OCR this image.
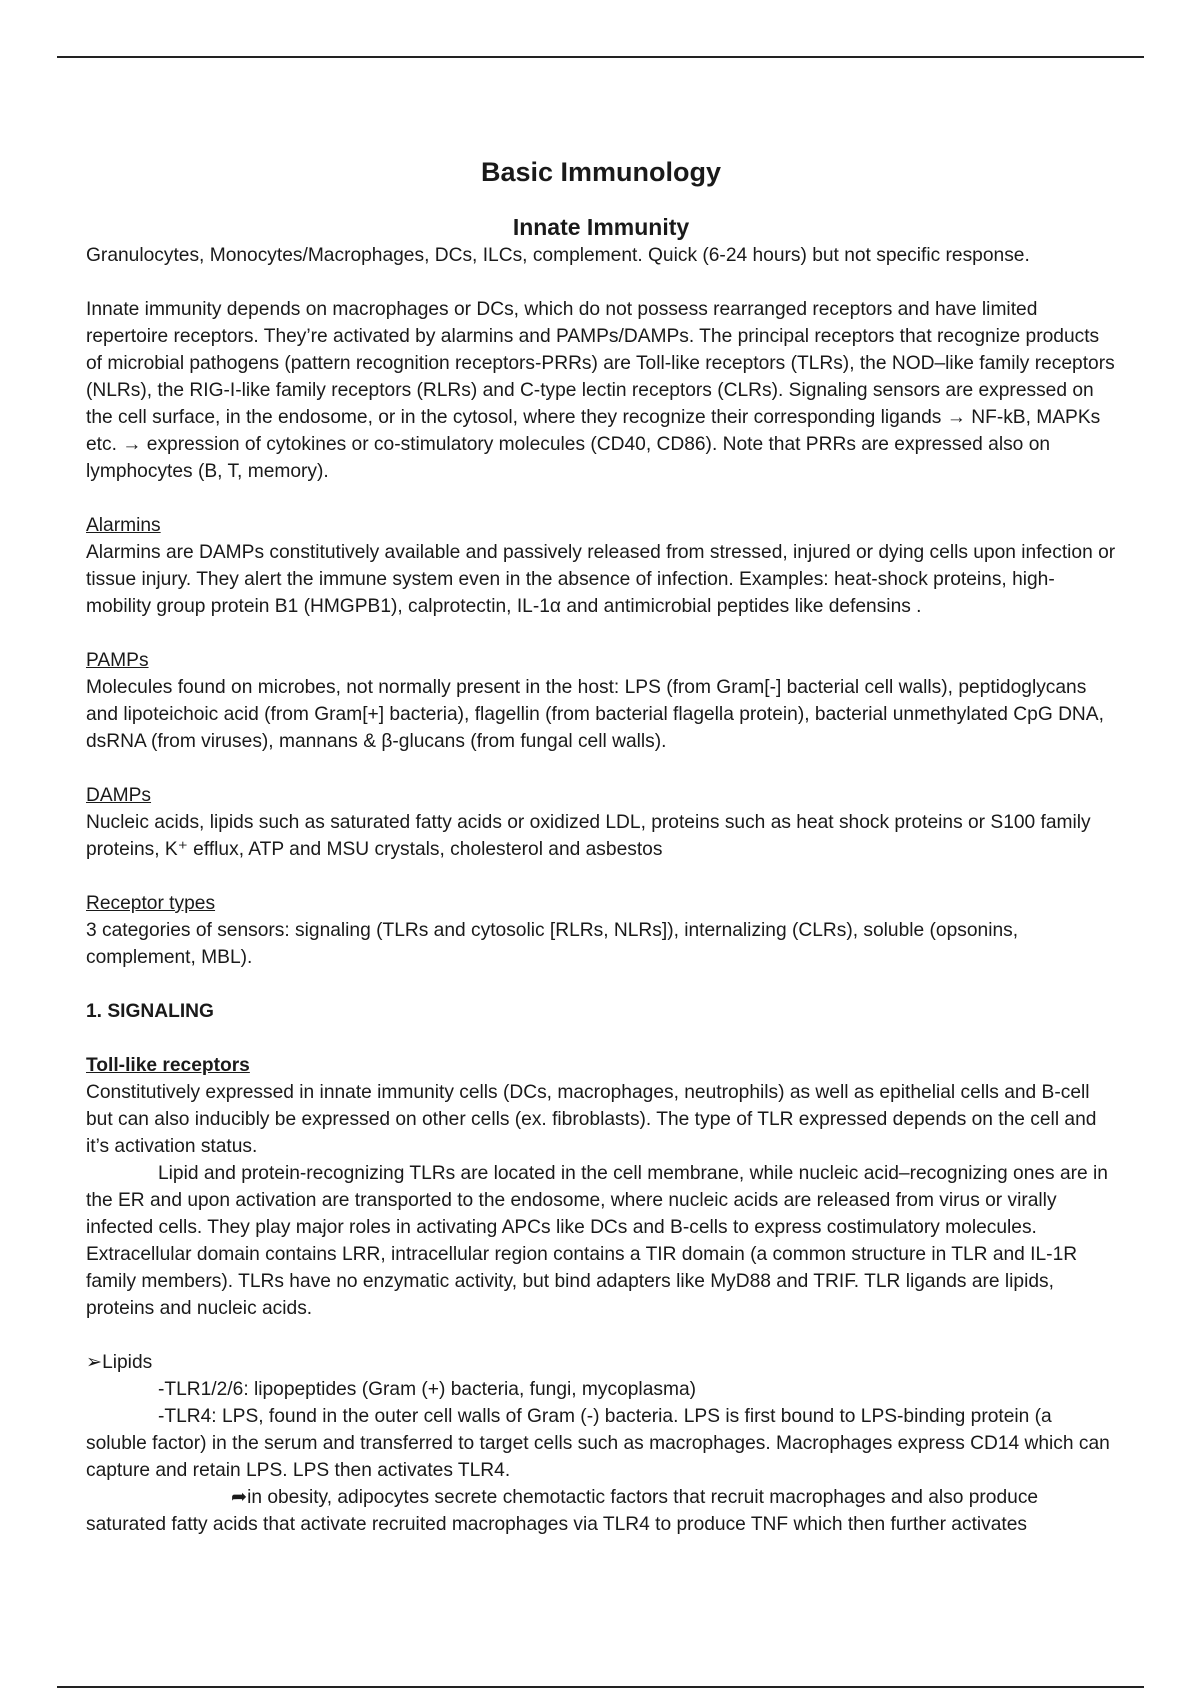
Basic Immunology
Innate Immunity

Granulocytes, Monocytes/Macrophages, DCs, ILCs, complement. Quick (6-24 hours) but not specific response.

Innate immunity depends on macrophages or DCs, which do not possess rearranged receptors and have limited repertoire receptors. They’re activated by alarmins and PAMPs/DAMPs. The principal receptors that recognize products of microbial pathogens (pattern recognition receptors-PRRs) are Toll-like receptors (TLRs), the NOD–like family receptors (NLRs), the RIG-I-like family receptors (RLRs) and C-type lectin receptors (CLRs). Signaling sensors are expressed on the cell surface, in the endosome, or in the cytosol, where they recognize their corresponding ligands → NF-kB, MAPKs etc. → expression of cytokines or co-stimulatory molecules (CD40, CD86). Note that PRRs are expressed also on lymphocytes (B, T, memory).

Alarmins

Alarmins are DAMPs constitutively available and passively released from stressed, injured or dying cells upon infection or tissue injury. They alert the immune system even in the absence of infection. Examples: heat-shock proteins, high-mobility group protein B1 (HMGPB1), calprotectin, IL-1α and antimicrobial peptides like defensins .

PAMPs

Molecules found on microbes, not normally present in the host: LPS (from Gram[-] bacterial cell walls), peptidoglycans and lipoteichoic acid (from Gram[+] bacteria), flagellin (from bacterial flagella protein), bacterial unmethylated CpG DNA, dsRNA (from viruses), mannans & β-glucans (from fungal cell walls).

DAMPs

Nucleic acids, lipids such as saturated fatty acids or oxidized LDL, proteins such as heat shock proteins or S100 family proteins, K⁺ efflux, ATP and MSU crystals, cholesterol and asbestos

Receptor types

3 categories of sensors: signaling (TLRs and cytosolic [RLRs, NLRs]), internalizing (CLRs), soluble (opsonins, complement, MBL).

1. SIGNALING

Toll-like receptors

Constitutively expressed in innate immunity cells (DCs, macrophages, neutrophils) as well as epithelial cells and B-cell but can also inducibly be expressed on other cells (ex. fibroblasts). The type of TLR expressed depends on the cell and it’s activation status.

Lipid and protein-recognizing TLRs are located in the cell membrane, while nucleic acid–recognizing ones are in the ER and upon activation are transported to the endosome, where nucleic acids are released from virus or virally infected cells. They play major roles in activating APCs like DCs and B-cells to express costimulatory molecules. Extracellular domain contains LRR, intracellular region contains a TIR domain (a common structure in TLR and IL-1R family members). TLRs have no enzymatic activity, but bind adapters like MyD88 and TRIF. TLR ligands are lipids, proteins and nucleic acids.

➢Lipids

-TLR1/2/6: lipopeptides (Gram (+) bacteria, fungi, mycoplasma)

-TLR4: LPS, found in the outer cell walls of Gram (-) bacteria. LPS is first bound to LPS-binding protein (a soluble factor) in the serum and transferred to target cells such as macrophages. Macrophages express CD14 which can capture and retain LPS. LPS then activates TLR4.

➦in obesity, adipocytes secrete chemotactic factors that recruit macrophages and also produce saturated fatty acids that activate recruited macrophages via TLR4 to produce TNF which then further activates
